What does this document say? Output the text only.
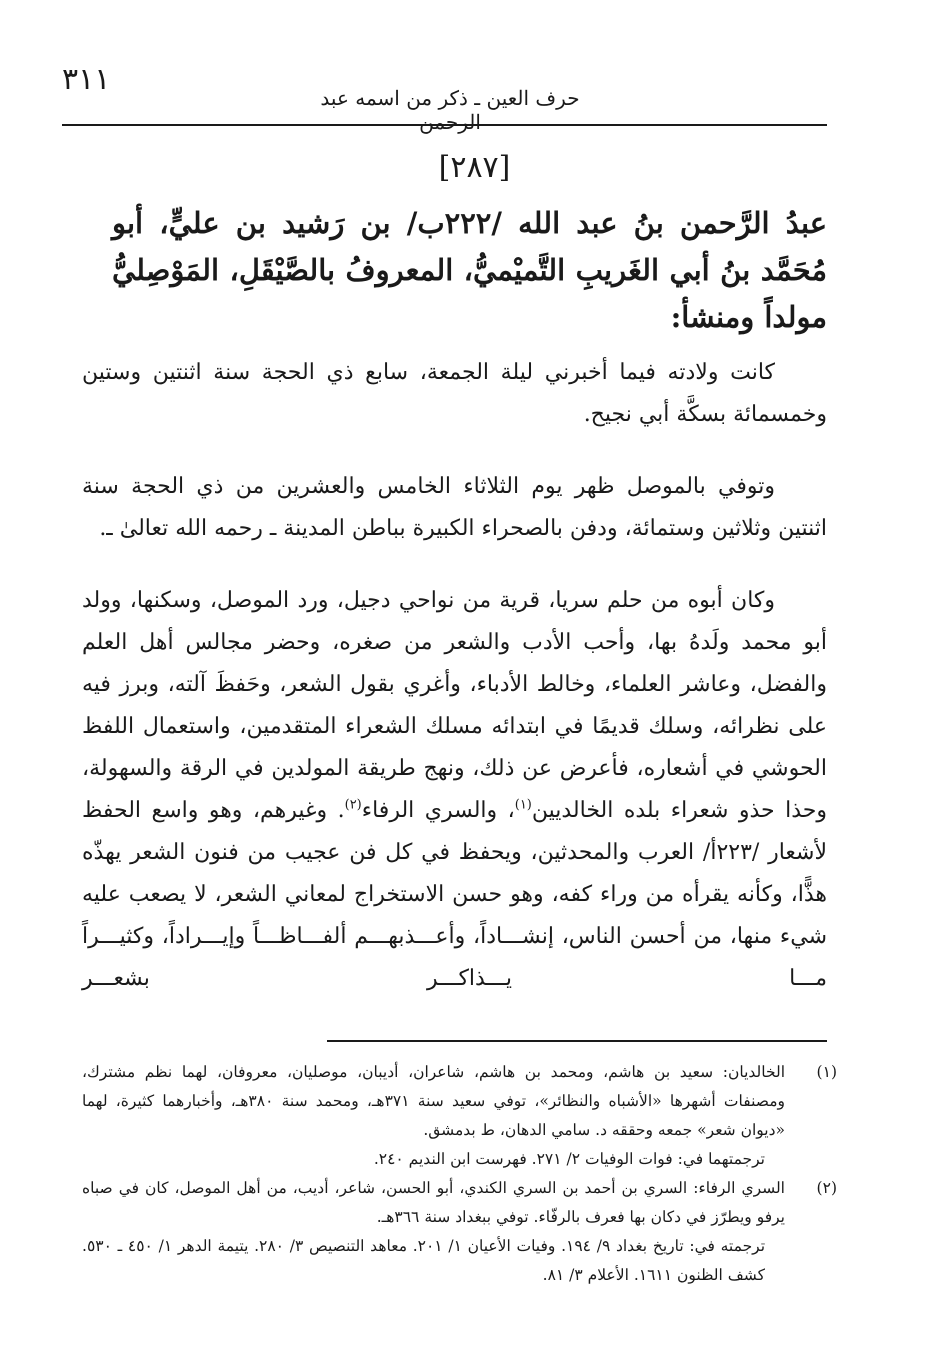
٣١١
حرف العين ـ ذكر من اسمه عبد الرحمن
[٢٨٧]
عبدُ الرَّحمن بنُ عبد الله /٢٢٢ب/ بن رَشيد بن عليٍّ، أبو مُحَمَّد بنُ أبي الغَريبِ التَّميْميُّ، المعروفُ بالصَّيْقَلِ، المَوْصِليُّ مولداً ومنشأ:

كانت ولادته فيما أخبرني ليلة الجمعة، سابع ذي الحجة سنة اثنتين وستين وخمسمائة بسكَّة أبي نجيح.

وتوفي بالموصل ظهر يوم الثلاثاء الخامس والعشرين من ذي الحجة سنة اثنتين وثلاثين وستمائة، ودفن بالصحراء الكبيرة بباطن المدينة ـ رحمه الله تعالىٰ ـ.

وكان أبوه من حلم سريا، قرية من نواحي دجيل، ورد الموصل، وسكنها، وولد أبو محمد ولَدهُ بها، وأحب الأدب والشعر من صغره، وحضر مجالس أهل العلم والفضل، وعاشر العلماء، وخالط الأدباء، وأغري بقول الشعر، وحَفظَ آلته، وبرز فيه على نظرائه، وسلك قديمًا في ابتدائه مسلك الشعراء المتقدمين، واستعمال اللفظ الحوشي في أشعاره، فأعرض عن ذلك، ونهج طريقة المولدين في الرقة والسهولة، وحذا حذو شعراء بلده الخالديين$^{(١)}$، والسري الرفاء$^{(٢)}$. وغيرهم، وهو واسع الحفظ لأشعار /٢٢٣أ/ العرب والمحدثين، ويحفظ في كل فن عجيب من فنون الشعر يهذّه هذًّا، وكأنه يقرأه من وراء كفه، وهو حسن الاستخراج لمعاني الشعر، لا يصعب عليه شيء منها، من أحسن الناس، إنشـــاداً، وأعـــذبهـــم ألفـــاظـــاً وإيـــراداً، وكثيـــراً مـــا يـــذاكـــر بشعـــر

(١)
الخالديان: سعيد بن هاشم، ومحمد بن هاشم، شاعران، أديبان، موصليان، معروفان، لهما نظم مشترك، ومصنفات أشهرها «الأشباه والنظائر»، توفي سعيد سنة ٣٧١هـ، ومحمد سنة ٣٨٠هـ، وأخبارهما كثيرة، لهما «ديوان شعر» جمعه وحققه د. سامي الدهان، ط بدمشق.
ترجمتهما في: فوات الوفيات ٢/ ٢٧١. فهرست ابن النديم ٢٤٠.
(٢)
السري الرفاء: السري بن أحمد بن السري الكندي، أبو الحسن، شاعر، أديب، من أهل الموصل، كان في صباه يرفو ويطرّز في دكان بها فعرف بالرفّاء. توفي ببغداد سنة ٣٦٦هـ.
ترجمته في: تاريخ بغداد ٩/ ١٩٤. وفيات الأعيان ١/ ٢٠١. معاهد التنصيص ٣/ ٢٨٠. يتيمة الدهر ١/ ٤٥٠ ـ ٥٣٠. كشف الظنون ١٦١١. الأعلام ٣/ ٨١.
